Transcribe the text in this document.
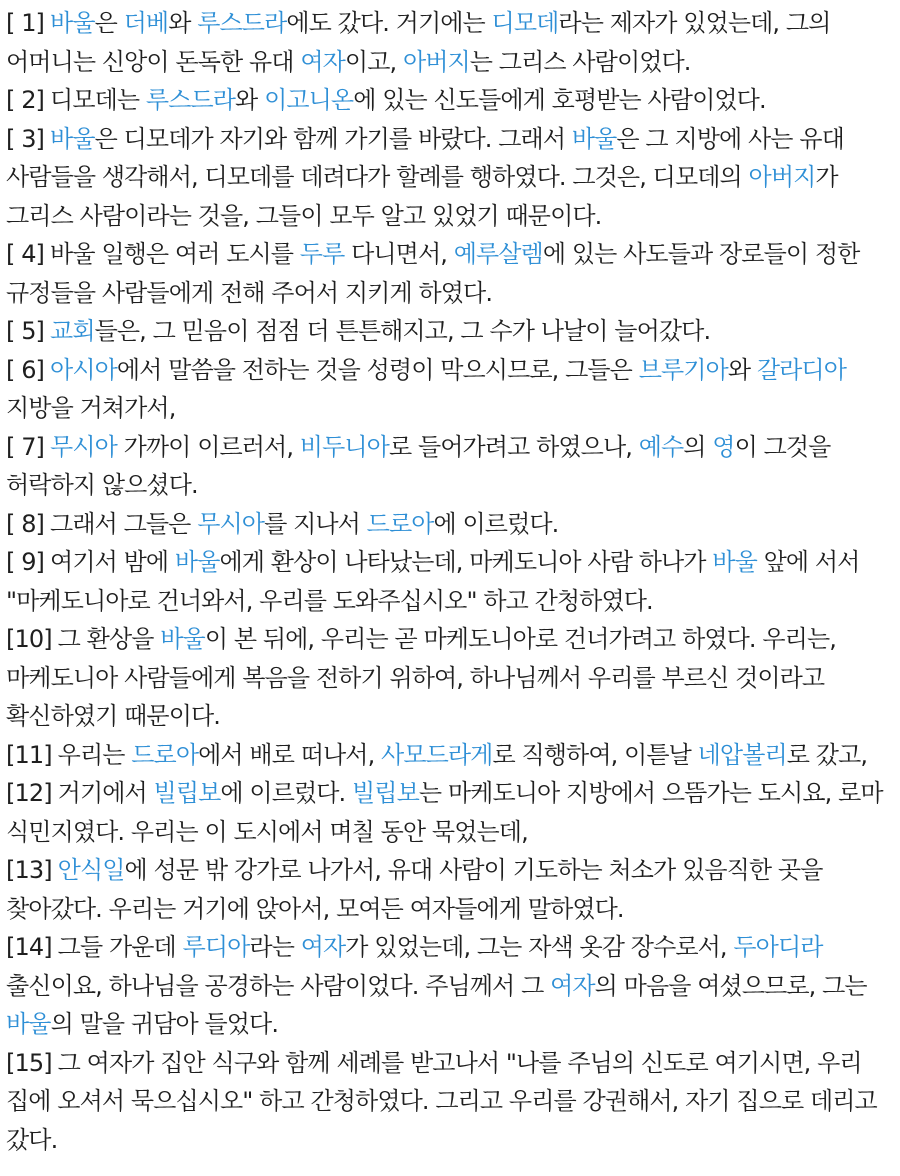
[ 1] 바울은 더베와 루스드라에도 갔다. 거기에는 디모데라는 제자가 있었는데, 그의 어머니는 신앙이 돈독한 유대 여자이고, 아버지는 그리스 사람이었다.

[ 2] 디모데는 루스드라와 이고니온에 있는 신도들에게 호평받는 사람이었다.

[ 3] 바울은 디모데가 자기와 함께 가기를 바랐다. 그래서 바울은 그 지방에 사는 유대 사람들을 생각해서, 디모데를 데려다가 할례를 행하였다. 그것은, 디모데의 아버지가 그리스 사람이라는 것을, 그들이 모두 알고 있었기 때문이다.

[ 4] 바울 일행은 여러 도시를 두루 다니면서, 예루살렘에 있는 사도들과 장로들이 정한 규정들을 사람들에게 전해 주어서 지키게 하였다.

[ 5] 교회들은, 그 믿음이 점점 더 튼튼해지고, 그 수가 나날이 늘어갔다.

[ 6] 아시아에서 말씀을 전하는 것을 성령이 막으시므로, 그들은 브루기아와 갈라디아 지방을 거쳐가서,

[ 7] 무시아 가까이 이르러서, 비두니아로 들어가려고 하였으나, 예수의 영이 그것을 허락하지 않으셨다.

[ 8] 그래서 그들은 무시아를 지나서 드로아에 이르렀다.

[ 9] 여기서 밤에 바울에게 환상이 나타났는데, 마케도니아 사람 하나가 바울 앞에 서서 "마케도니아로 건너와서, 우리를 도와주십시오" 하고 간청하였다.

[10] 그 환상을 바울이 본 뒤에, 우리는 곧 마케도니아로 건너가려고 하였다. 우리는, 마케도니아 사람들에게 복음을 전하기 위하여, 하나님께서 우리를 부르신 것이라고 확신하였기 때문이다.

[11] 우리는 드로아에서 배로 떠나서, 사모드라게로 직행하여, 이튿날 네압볼리로 갔고,

[12] 거기에서 빌립보에 이르렀다. 빌립보는 마케도니아 지방에서 으뜸가는 도시요, 로마 식민지였다. 우리는 이 도시에서 며칠 동안 묵었는데,

[13] 안식일에 성문 밖 강가로 나가서, 유대 사람이 기도하는 처소가 있음직한 곳을 찾아갔다. 우리는 거기에 앉아서, 모여든 여자들에게 말하였다.

[14] 그들 가운데 루디아라는 여자가 있었는데, 그는 자색 옷감 장수로서, 두아디라 출신이요, 하나님을 공경하는 사람이었다. 주님께서 그 여자의 마음을 여셨으므로, 그는 바울의 말을 귀담아 들었다.

[15] 그 여자가 집안 식구와 함께 세례를 받고나서 "나를 주님의 신도로 여기시면, 우리 집에 오셔서 묵으십시오" 하고 간청하였다. 그리고 우리를 강권해서, 자기 집으로 데리고 갔다.
